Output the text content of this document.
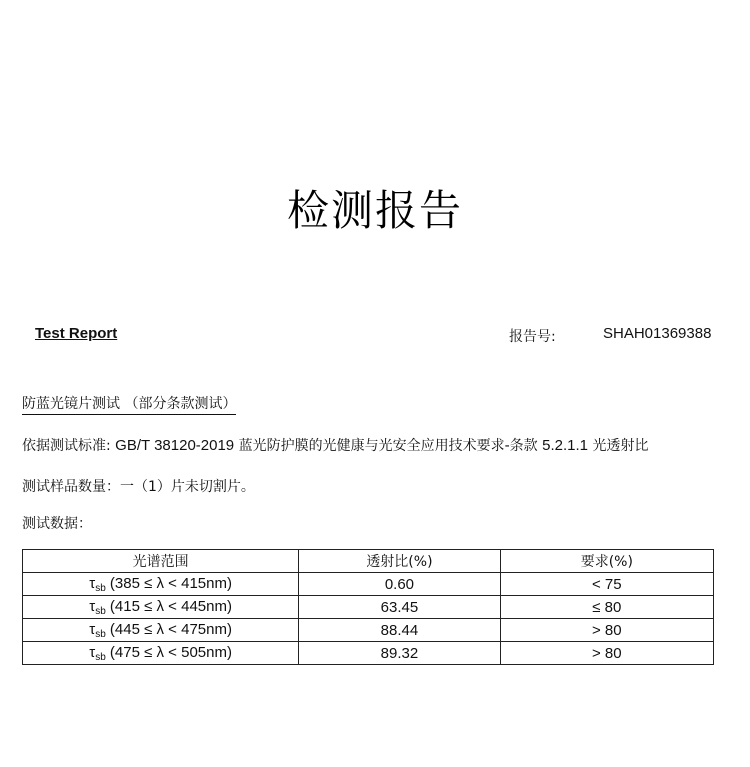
检测报告
Test Report	报告号:	SHAH01369388
防蓝光镜片测试 （部分条款测试）
依据测试标准: GB/T 38120-2019 蓝光防护膜的光健康与光安全应用技术要求-条款 5.2.1.1 光透射比
测试样品数量：一（1）片未切割片。
测试数据：
光谱范围	透射比(%)	要求(%)
$\tau_{sb}$ (385 ≤ λ < 415nm)	0.60	< 75
$\tau_{sb}$ (415 ≤ λ < 445nm)	63.45	≤ 80
$\tau_{sb}$ (445 ≤ λ < 475nm)	88.44	> 80
$\tau_{sb}$ (475 ≤ λ < 505nm)	89.32	> 80
